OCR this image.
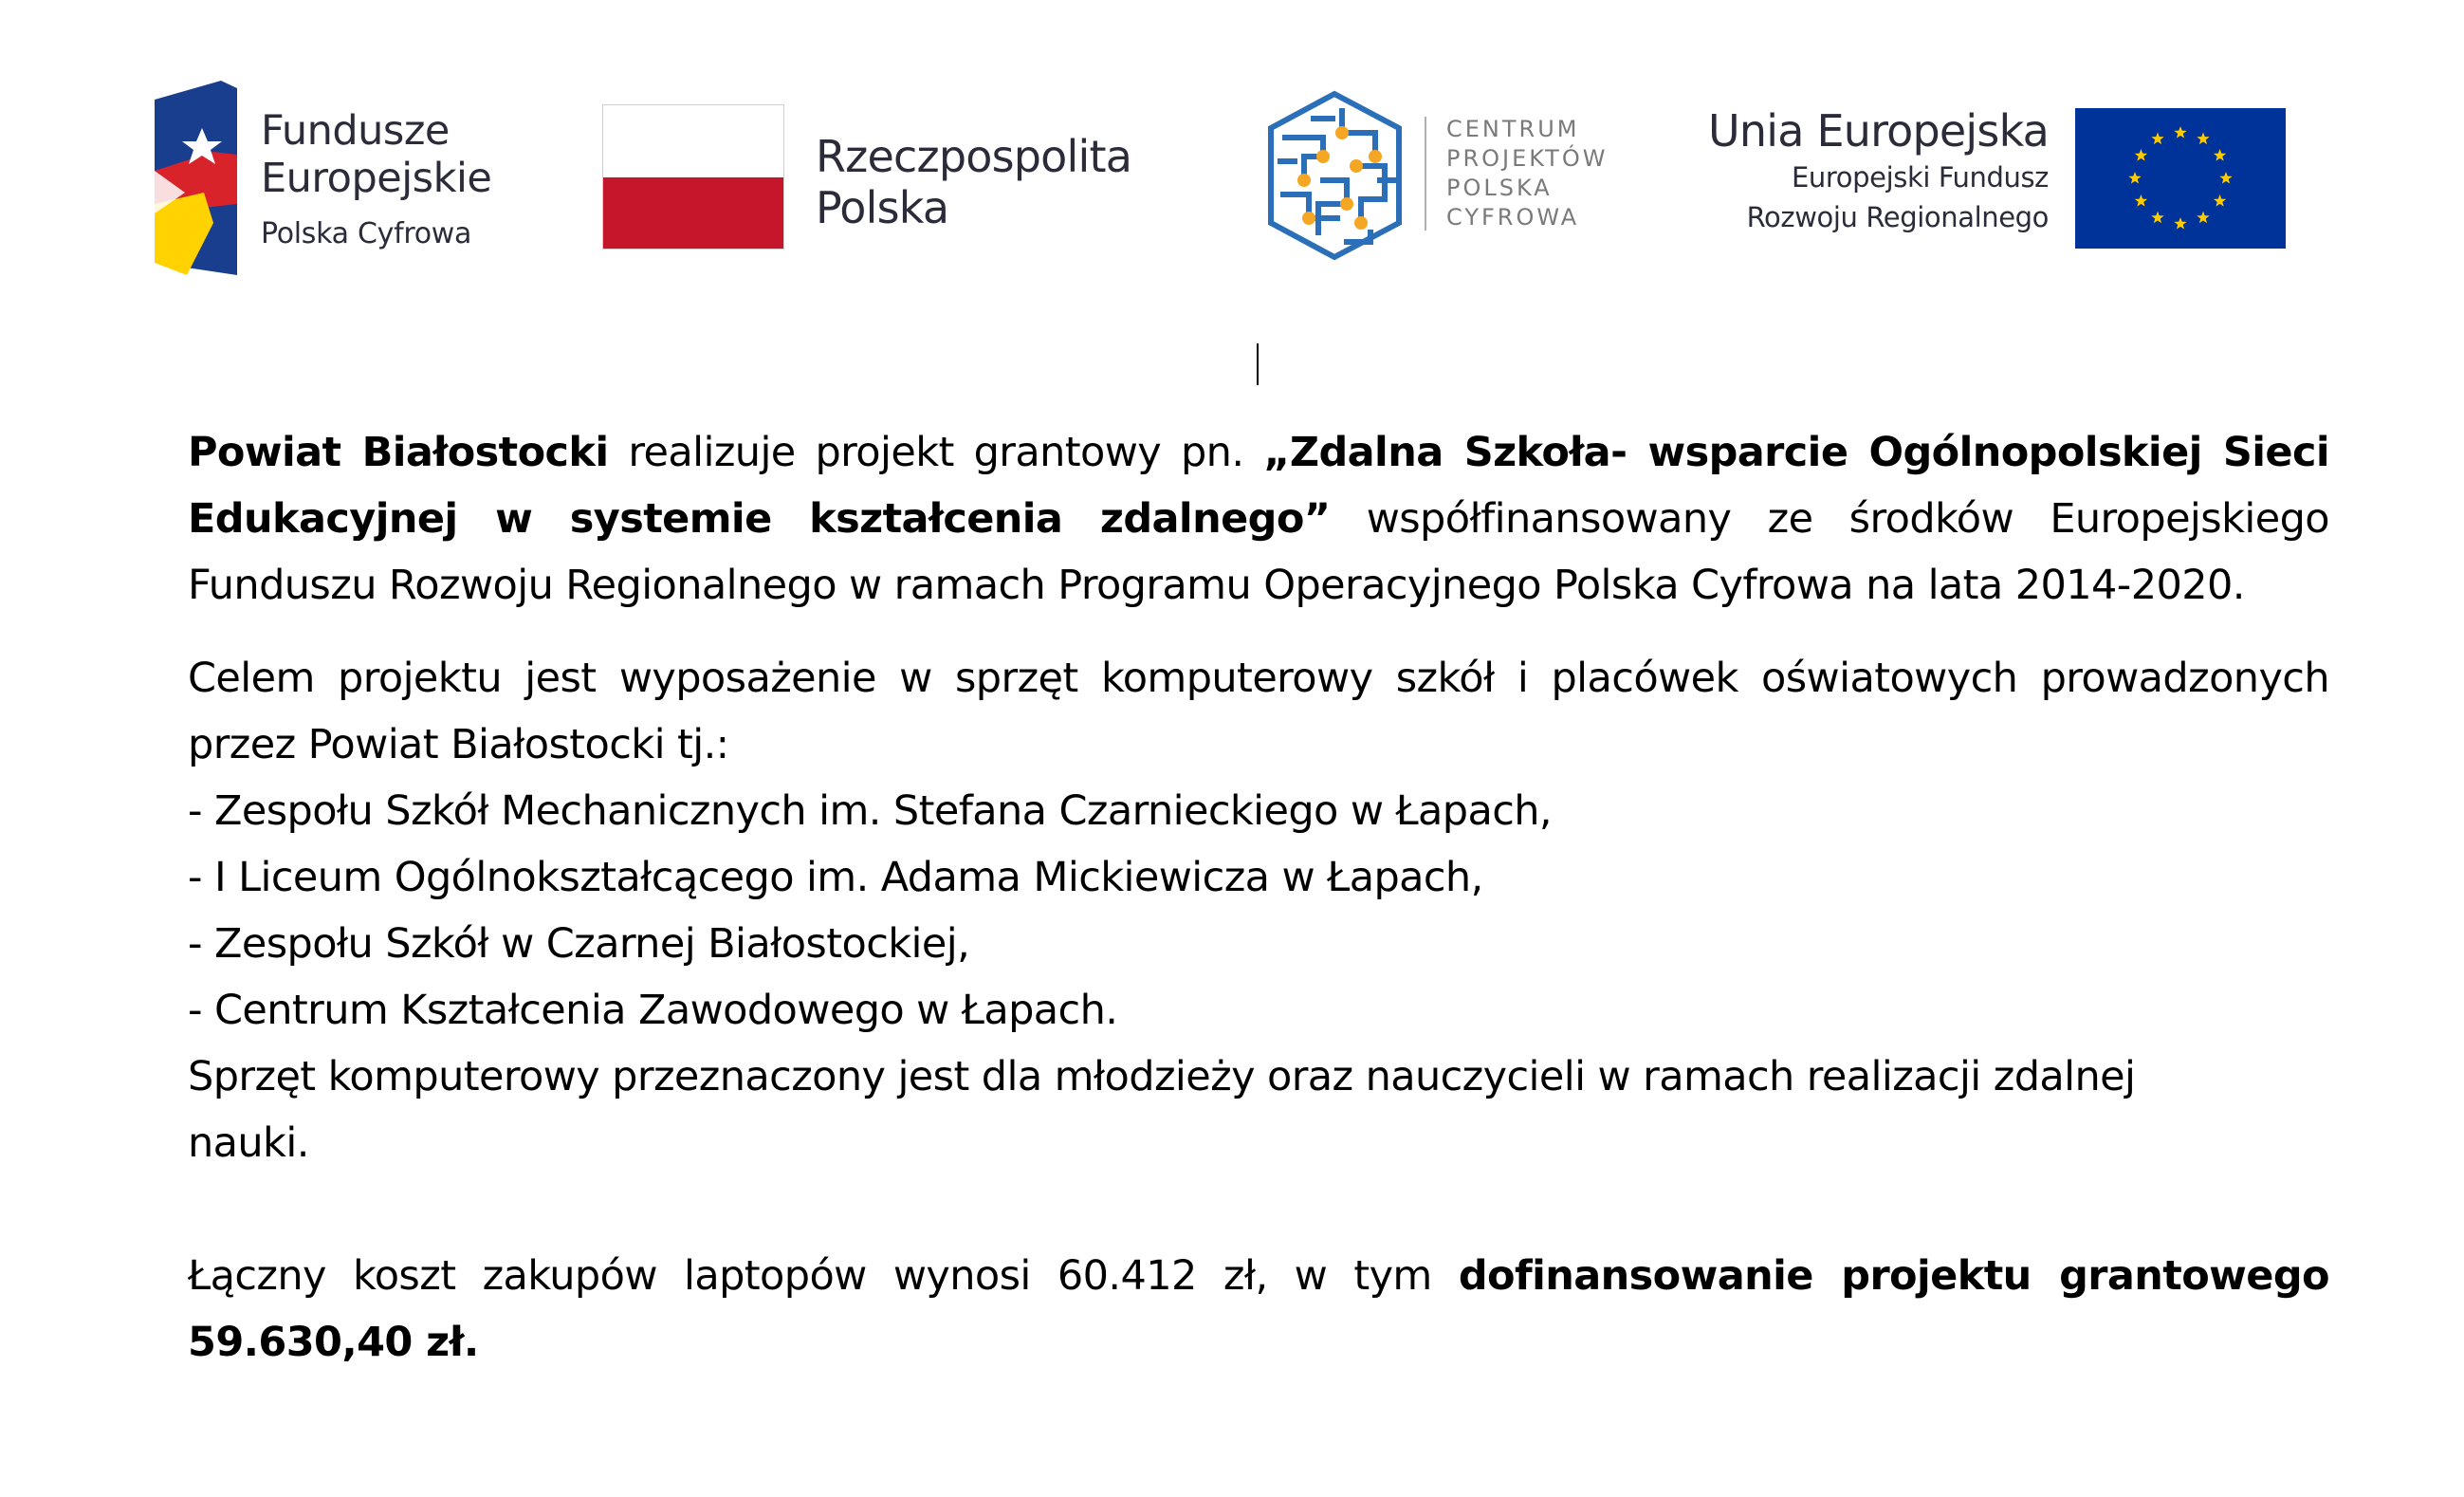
Fundusze
Europejskie
Polska Cyfrowa
Rzeczpospolita
Polska
CENTRUM
PROJEKTÓW
POLSKA
CYFROWA
Unia Europejska
Europejski Fundusz
Rozwoju Regionalnego

Powiat Białostocki realizuje projekt grantowy pn. „Zdalna Szkoła- wsparcie Ogólnopolskiej Sieci Edukacyjnej w systemie kształcenia zdalnego” współfinansowany ze środków Europejskiego Funduszu Rozwoju Regionalnego w ramach Programu Operacyjnego Polska Cyfrowa na lata 2014-2020.

Celem projektu jest wyposażenie w sprzęt komputerowy szkół i placówek oświatowych prowadzonych przez Powiat Białostocki tj.:

- Zespołu Szkół Mechanicznych im. Stefana Czarnieckiego w Łapach,
- I Liceum Ogólnokształcącego im. Adama Mickiewicza w Łapach,
- Zespołu Szkół w Czarnej Białostockiej,
- Centrum Kształcenia Zawodowego w Łapach.

Sprzęt komputerowy przeznaczony jest dla młodzieży oraz nauczycieli w ramach realizacji zdalnej nauki.

Łączny koszt zakupów laptopów wynosi 60.412 zł, w tym dofinansowanie projektu grantowego 59.630,40 zł.
